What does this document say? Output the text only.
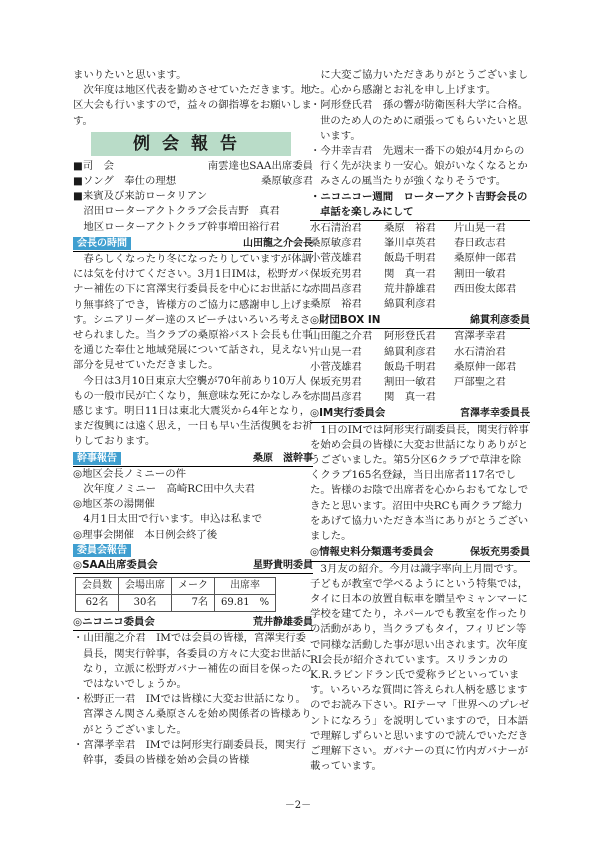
まいりたいと思います。

次年度は地区代表を勤めさせていただきます。地区大会も行いますので，益々の御指導をお願いします。

例会報告
■司　会	南雲達也SAA出席委員
■ソング　奉仕の理想	桑原敏彦君
■来賓及び来訪ロータリアン

沼田ローターアクトクラブ会長吉野　真君

地区ローターアクトクラブ幹事増田裕行君

会長の時間	山田龍之介会長

春らしくなったり冬になったりしていますが体調には気を付けてください。3月1日IMは，松野ガバナー補佐の下に宮澤実行委員長を中心にお世話になり無事終了でき，皆様方のご協力に感謝申し上げます。シニアリーダー達のスピーチはいろいろ考えさせられました。当クラブの桑原裕バスト会長も仕事を通じた奉仕と地域発展について話され，見えない部分を見せていただきました。

今日は3月10日東京大空襲が70年前あり10万人もの一般市民が亡くなり，無意味な死にかなしみを感じます。明日11日は東北大震災から4年となり，まだ復興には遠く思え，一日も早い生活復興をお祈りしております。

幹事報告	桑原　滋幹事

◎地区会長ノミニーの件

　次年度ノミニー　高崎RC田中久夫君

◎地区茶の湯開催

　4月1日太田で行います。申込は私まで

◎理事会開催　本日例会終了後

委員会報告
◎SAA出席委員会	星野貴明委員
会員数	会場出席	メーク	出席率
62名	30名	7名	69.81　%
◎ニコニコ委員会	荒井静雄委員

・山田龍之介君　IMでは会員の皆様，宮澤実行委員長，関実行幹事，各委員の方々に大変お世話になり，立派に松野ガバナー補佐の面目を保ったのではないでしょうか。

・松野正一君　IMでは皆様に大変お世話になり。宮澤さん関さん桑原さんを始め関係者の皆様ありがとうございました。

・宮澤孝幸君　IMでは阿形実行副委員長，関実行幹事，委員の皆様を始め会員の皆様

に大変ご協力いただきありがとうございました。心から感謝とお礼を申し上げます。

・阿形登氏君　孫の響が防衛医科大学に合格。世のため人のために頑張ってもらいたいと思います。

・今井幸吉君　先週末一番下の娘が4月からの行く先が決まり一安心。娘がいなくなるとかみさんの風当たりが強くなりそうです。

・ニコニコー週間　ローターアクト吉野会長の卓話を楽しみにして

水石清治君	桑原　裕君	片山晃一君
桑原敏彦君	峯川卓英君	春日政志君
小菅茂雄君	飯島千明君	桑原伸一郎君
保坂充男君	関　真一君	割田一敏君
赤間昌彦君	荒井静雄君	西田俊太郎君
桑原　裕君	綿貫利彦君
◎財団BOX IN	綿貫利彦委員
山田龍之介君	阿形登氏君	宮澤孝幸君
片山晃一君	綿貫利彦君	水石清治君
小菅茂雄君	飯島千明君	桑原伸一郎君
保坂充男君	割田一敏君	戸部聖之君
赤間昌彦君	関　真一君
◎IM実行委員会	宮澤孝幸委員長

1日のIMでは阿形実行副委員長，関実行幹事を始め会員の皆様に大変お世話になりありがとうございました。第5分区6クラブで草津を除くクラブ165名登録，当日出席者117名でした。皆様のお陰で出席者を心からおもてなしできたと思います。沼田中央RCも両クラブ総力をあげて協力いただき本当にありがとうございました。

◎情報史料分類選考委員会	保坂充男委員

3月友の紹介。今月は識字率向上月間です。子どもが教室で学べるようにという特集では，タイに日本の放置自転車を贈呈やミャンマーに学校を建てたり，ネパールでも教室を作ったりの活動があり，当クラブもタイ，フィリピン等で同様な活動した事が思い出されます。次年度RI会長が紹介されています。スリランカのK.R.ラビンドラン氏で愛称ラビといっています。いろいろな質問に答えられ人柄を感じますのでお読み下さい。RIテーマ「世界へのプレゼントになろう」を説明していますので，日本語で理解しずらいと思いますので読んでいただきご理解下さい。ガバナーの頁に竹内ガバナーが載っています。

－2－
